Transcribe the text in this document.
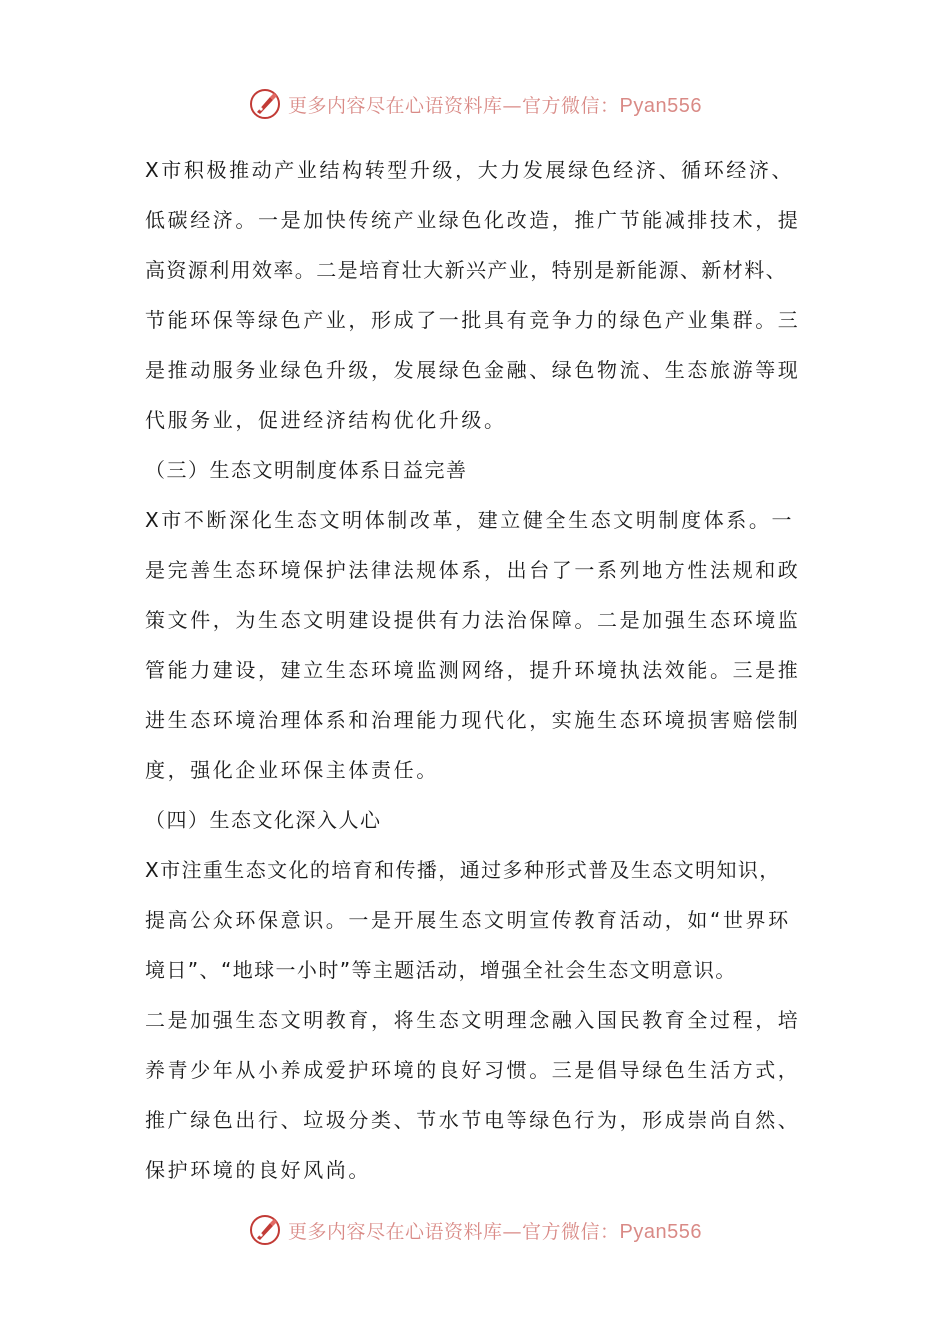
更多内容尽在心语资料库—官方微信：Pyan556
X市积极推动产业结构转型升级，大力发展绿色经济、循环经济、
低碳经济。一是加快传统产业绿色化改造，推广节能减排技术，提
高资源利用效率。二是培育壮大新兴产业，特别是新能源、新材料、
节能环保等绿色产业，形成了一批具有竞争力的绿色产业集群。三
是推动服务业绿色升级，发展绿色金融、绿色物流、生态旅游等现
代服务业，促进经济结构优化升级。
（三）生态文明制度体系日益完善
X市不断深化生态文明体制改革，建立健全生态文明制度体系。一
是完善生态环境保护法律法规体系，出台了一系列地方性法规和政
策文件，为生态文明建设提供有力法治保障。二是加强生态环境监
管能力建设，建立生态环境监测网络，提升环境执法效能。三是推
进生态环境治理体系和治理能力现代化，实施生态环境损害赔偿制
度，强化企业环保主体责任。
（四）生态文化深入人心
X市注重生态文化的培育和传播，通过多种形式普及生态文明知识，
提高公众环保意识。一是开展生态文明宣传教育活动，如“世界环
境日”、“地球一小时”等主题活动，增强全社会生态文明意识。
二是加强生态文明教育，将生态文明理念融入国民教育全过程，培
养青少年从小养成爱护环境的良好习惯。三是倡导绿色生活方式，
推广绿色出行、垃圾分类、节水节电等绿色行为，形成崇尚自然、
保护环境的良好风尚。
更多内容尽在心语资料库—官方微信：Pyan556
